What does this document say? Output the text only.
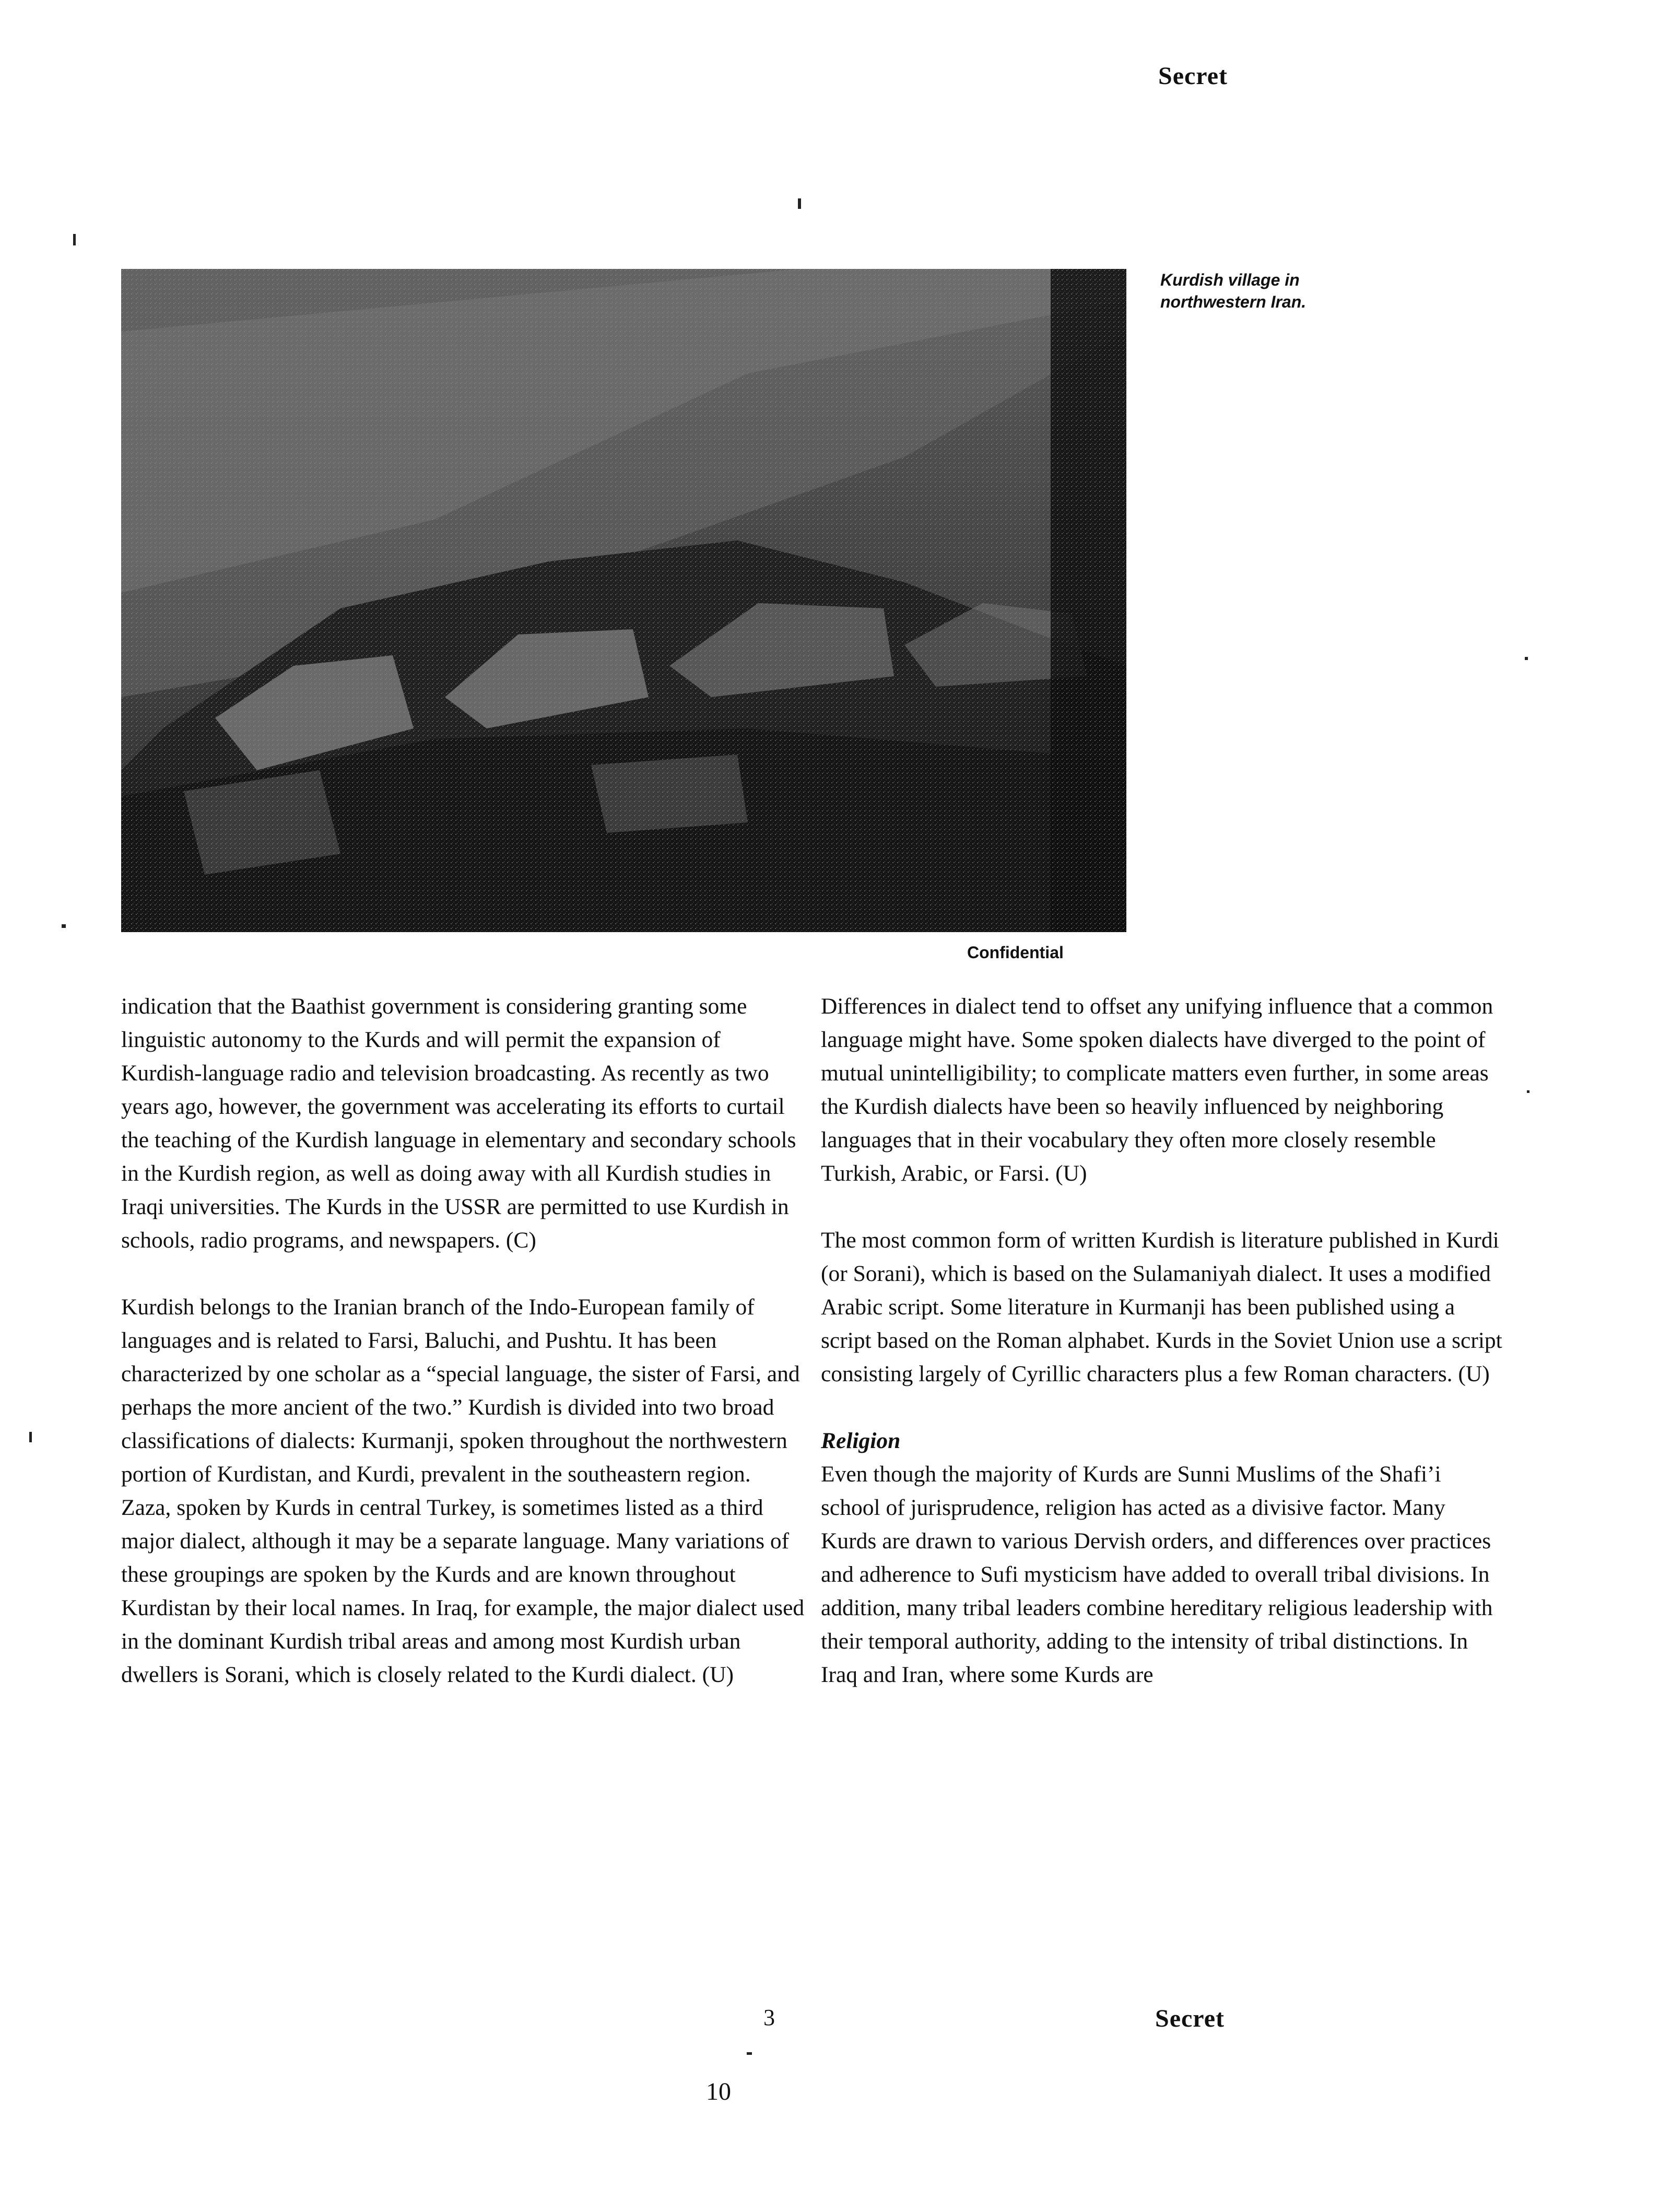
Secret
Kurdish village in northwestern Iran.
Confidential

indication that the Baathist government is considering granting some linguistic autonomy to the Kurds and will permit the expansion of Kurdish-language radio and television broadcasting. As recently as two years ago, however, the government was accelerating its efforts to curtail the teaching of the Kurdish language in elementary and secondary schools in the Kurdish region, as well as doing away with all Kurdish studies in Iraqi universities. The Kurds in the USSR are permitted to use Kurdish in schools, radio programs, and newspapers. (C)

Kurdish belongs to the Iranian branch of the Indo-European family of languages and is related to Farsi, Baluchi, and Pushtu. It has been characterized by one scholar as a “special language, the sister of Farsi, and perhaps the more ancient of the two.” Kurdish is divided into two broad classifications of dialects: Kurmanji, spoken throughout the northwestern portion of Kurdistan, and Kurdi, prevalent in the southeastern region. Zaza, spoken by Kurds in central Turkey, is sometimes listed as a third major dialect, although it may be a separate language. Many variations of these groupings are spoken by the Kurds and are known throughout Kurdistan by their local names. In Iraq, for example, the major dialect used in the dominant Kurdish tribal areas and among most Kurdish urban dwellers is Sorani, which is closely related to the Kurdi dialect. (U)

Differences in dialect tend to offset any unifying influence that a common language might have. Some spoken dialects have diverged to the point of mutual unintelligibility; to complicate matters even further, in some areas the Kurdish dialects have been so heavily influenced by neighboring languages that in their vocabulary they often more closely resemble Turkish, Arabic, or Farsi. (U)

The most common form of written Kurdish is literature published in Kurdi (or Sorani), which is based on the Sulamaniyah dialect. It uses a modified Arabic script. Some literature in Kurmanji has been published using a script based on the Roman alphabet. Kurds in the Soviet Union use a script consisting largely of Cyrillic characters plus a few Roman characters. (U)

Religion

Even though the majority of Kurds are Sunni Muslims of the Shafi’i school of jurisprudence, religion has acted as a divisive factor. Many Kurds are drawn to various Dervish orders, and differences over practices and adherence to Sufi mysticism have added to overall tribal divisions. In addition, many tribal leaders combine hereditary religious leadership with their temporal authority, adding to the intensity of tribal distinctions. In Iraq and Iran, where some Kurds are

3	Secret
10
